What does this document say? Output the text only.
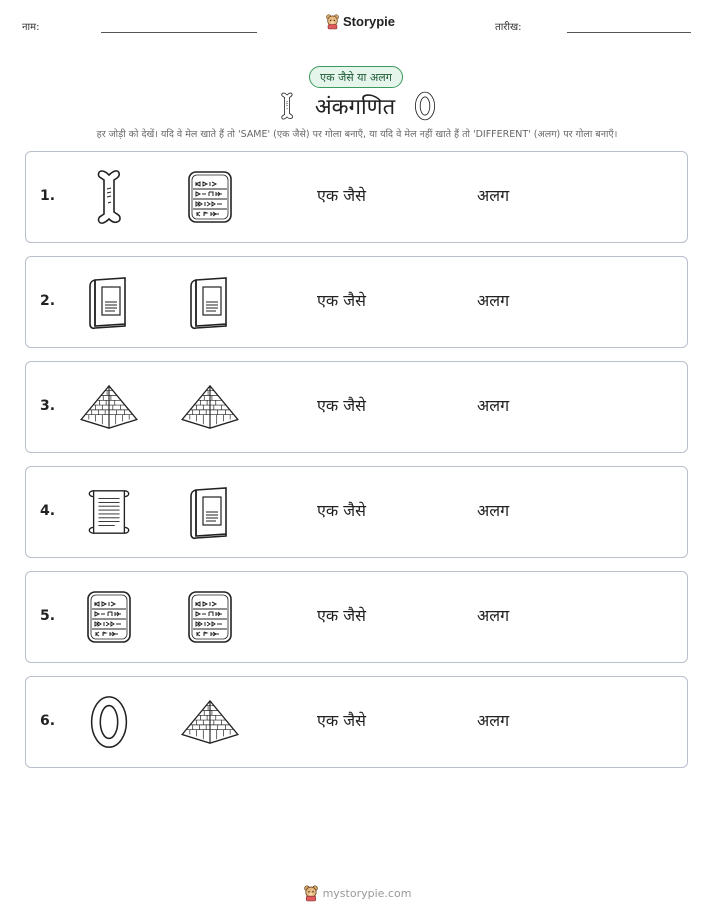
नाम:	Storypie	तारीख:
एक जैसे या अलग
अंकगणित
हर जोड़ी को देखें। यदि वे मेल खाते हैं तो 'SAME' (एक जैसे) पर गोला बनाएँ, या यदि वे मेल नहीं खाते हैं तो 'DIFFERENT' (अलग) पर गोला बनाएँ।
1.	एक जैसे	अलग
2.	एक जैसे	अलग
3.	एक जैसे	अलग
4.	एक जैसे	अलग
5.	एक जैसे	अलग
6.	एक जैसे	अलग
mystorypie.com
